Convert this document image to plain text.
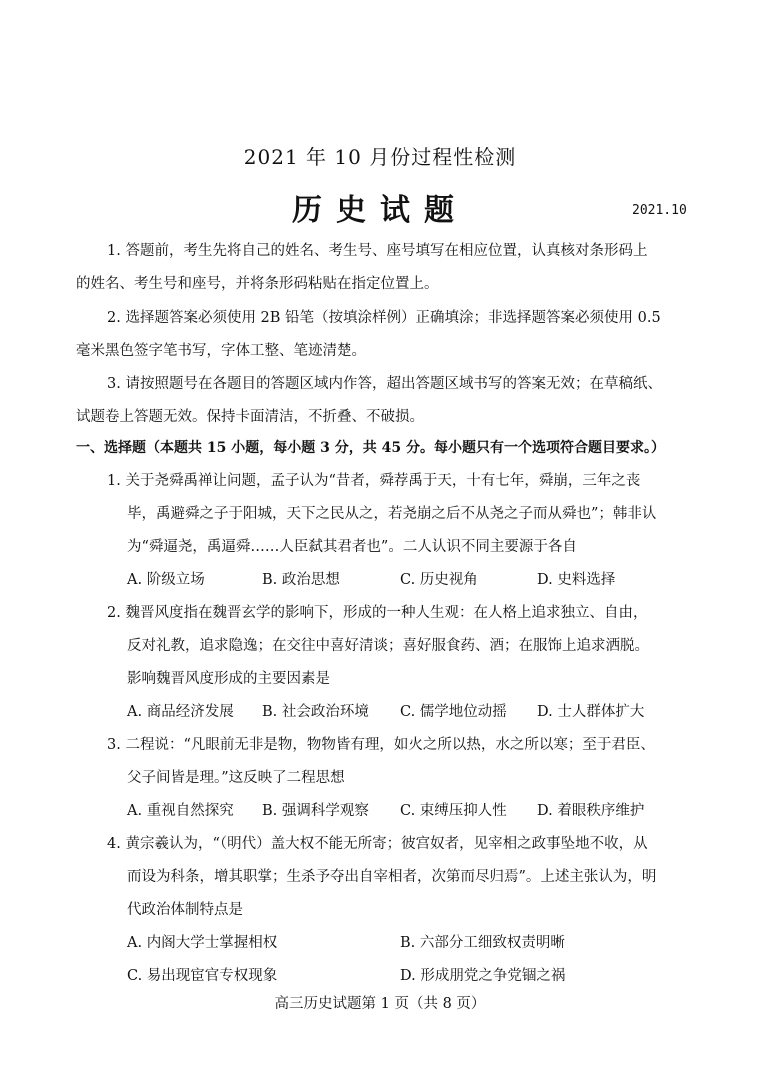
2021 年 10 月份过程性检测
历史试题	2021.10
1. 答题前，考生先将自己的姓名、考生号、座号填写在相应位置，认真核对条形码上
的姓名、考生号和座号，并将条形码粘贴在指定位置上。
2. 选择题答案必须使用 2B 铅笔（按填涂样例）正确填涂；非选择题答案必须使用 0.5
毫米黑色签字笔书写，字体工整、笔迹清楚。
3. 请按照题号在各题目的答题区域内作答，超出答题区域书写的答案无效；在草稿纸、
试题卷上答题无效。保持卡面清洁，不折叠、不破损。
一、选择题（本题共 15 小题，每小题 3 分，共 45 分。每小题只有一个选项符合题目要求。）
1. 关于尧舜禹禅让问题，孟子认为“昔者，舜荐禹于天，十有七年，舜崩，三年之丧
毕，禹避舜之子于阳城，天下之民从之，若尧崩之后不从尧之子而从舜也”；韩非认
为“舜逼尧，禹逼舜……人臣弑其君者也”。二人认识不同主要源于各自
A. 阶级立场	B. 政治思想	C. 历史视角	D. 史料选择
2. 魏晋风度指在魏晋玄学的影响下，形成的一种人生观：在人格上追求独立、自由，
反对礼教，追求隐逸；在交往中喜好清谈；喜好服食药、酒；在服饰上追求洒脱。
影响魏晋风度形成的主要因素是
A. 商品经济发展 B. 社会政治环境 C. 儒学地位动摇 D. 士人群体扩大
3. 二程说：“凡眼前无非是物，物物皆有理，如火之所以热，水之所以寒；至于君臣、
父子间皆是理。”这反映了二程思想
A. 重视自然探究 B. 强调科学观察 C. 束缚压抑人性 D. 着眼秩序维护
4. 黄宗羲认为，“（明代）盖大权不能无所寄；彼宫奴者，见宰相之政事坠地不收，从
而设为科条，增其职掌；生杀予夺出自宰相者，次第而尽归焉”。上述主张认为，明
代政治体制特点是
A. 内阁大学士掌握相权	B. 六部分工细致权责明晰
C. 易出现宦官专权现象	D. 形成朋党之争党锢之祸
高三历史试题第 1 页（共 8 页）
